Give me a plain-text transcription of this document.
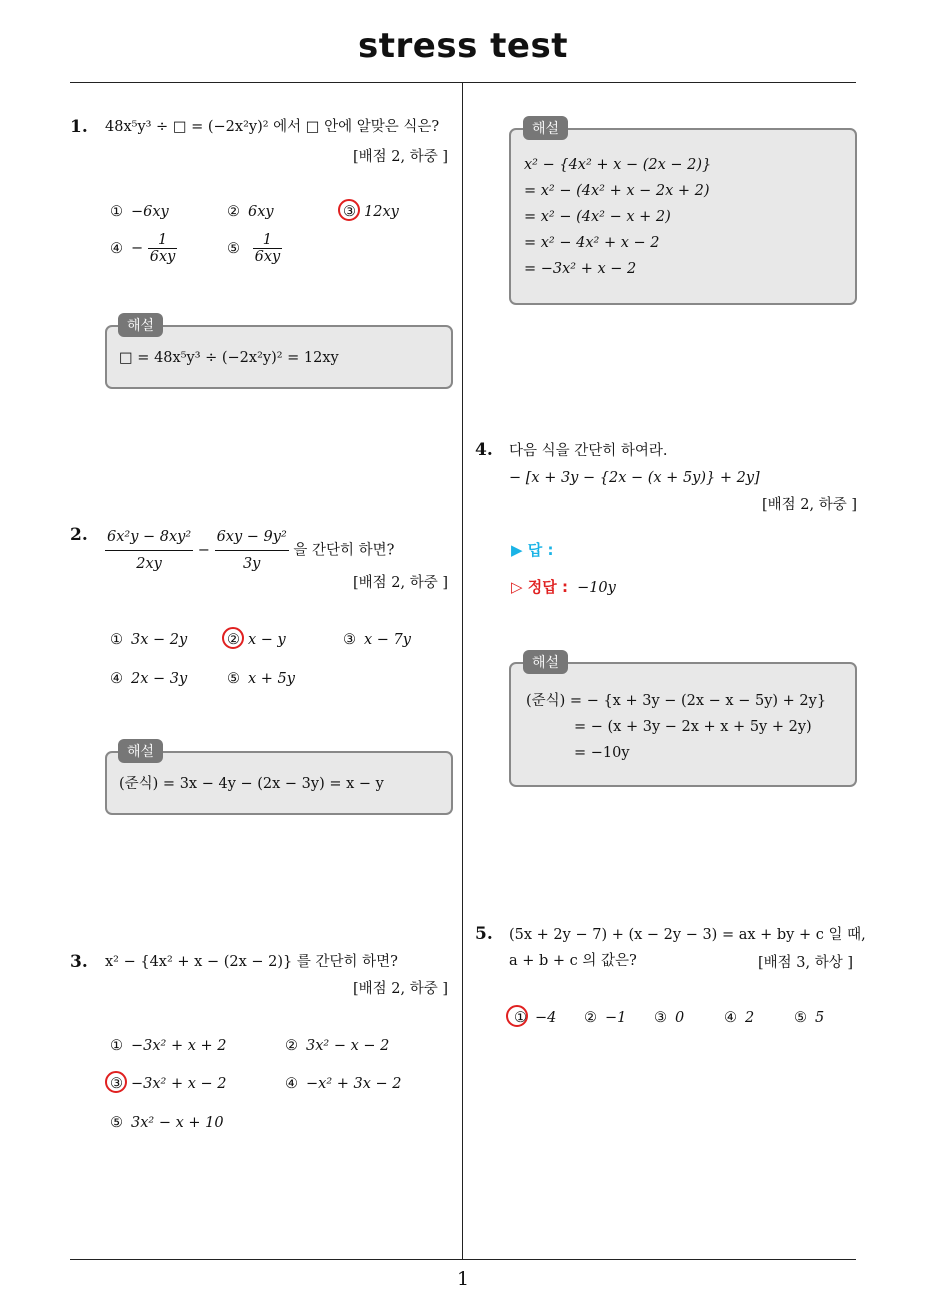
stress test
1
1. 48x⁵y³ ÷ □ = (−2x²y)² 에서 □ 안에 알맞은 식은?
[배점 2, 하중 ]
① −6xy	② 6xy	③ 12xy
④ − $\frac{1}{6xy}$	⑤ $\frac{1}{6xy}$
□ = 48x⁵y³ ÷ (−2x²y)² = 12xy
해설
2. $\frac{\text{6x²y − 8xy²}}{2xy} - \frac{\text{6xy − 9y²}}{3y}$ 을 간단히 하면?
[배점 2, 하중 ]
① 3x − 2y	② x − y	③ x − 7y
④ 2x − 3y	⑤ x + 5y
(준식) = 3x − 4y − (2x − 3y) = x − y
해설
3. x² − {4x² + x − (2x − 2)} 를 간단히 하면?
[배점 2, 하중 ]
① −3x² + x + 2	② 3x² − x − 2
③ −3x² + x − 2	④ −x² + 3x − 2
⑤ 3x² − x + 10
x² − {4x² + x − (2x − 2)}
= x² − (4x² + x − 2x + 2)
= x² − (4x² − x + 2)
= x² − 4x² + x − 2
= −3x² + x − 2
해설
4. 다음 식을 간단히 하여라.
− [x + 3y − {2x − (x + 5y)} + 2y]
[배점 2, 하중 ]
▶ 답 :
▷ 정답 : −10y
(준식) = − {x + 3y − (2x − x − 5y) + 2y}
= − (x + 3y − 2x + x + 5y + 2y)
= −10y
해설
5. (5x + 2y − 7) + (x − 2y − 3) = ax + by + c 일 때,
a + b + c 의 값은?	[배점 3, 하상 ]
① −4 ② −1 ③ 0	④ 2	⑤ 5
